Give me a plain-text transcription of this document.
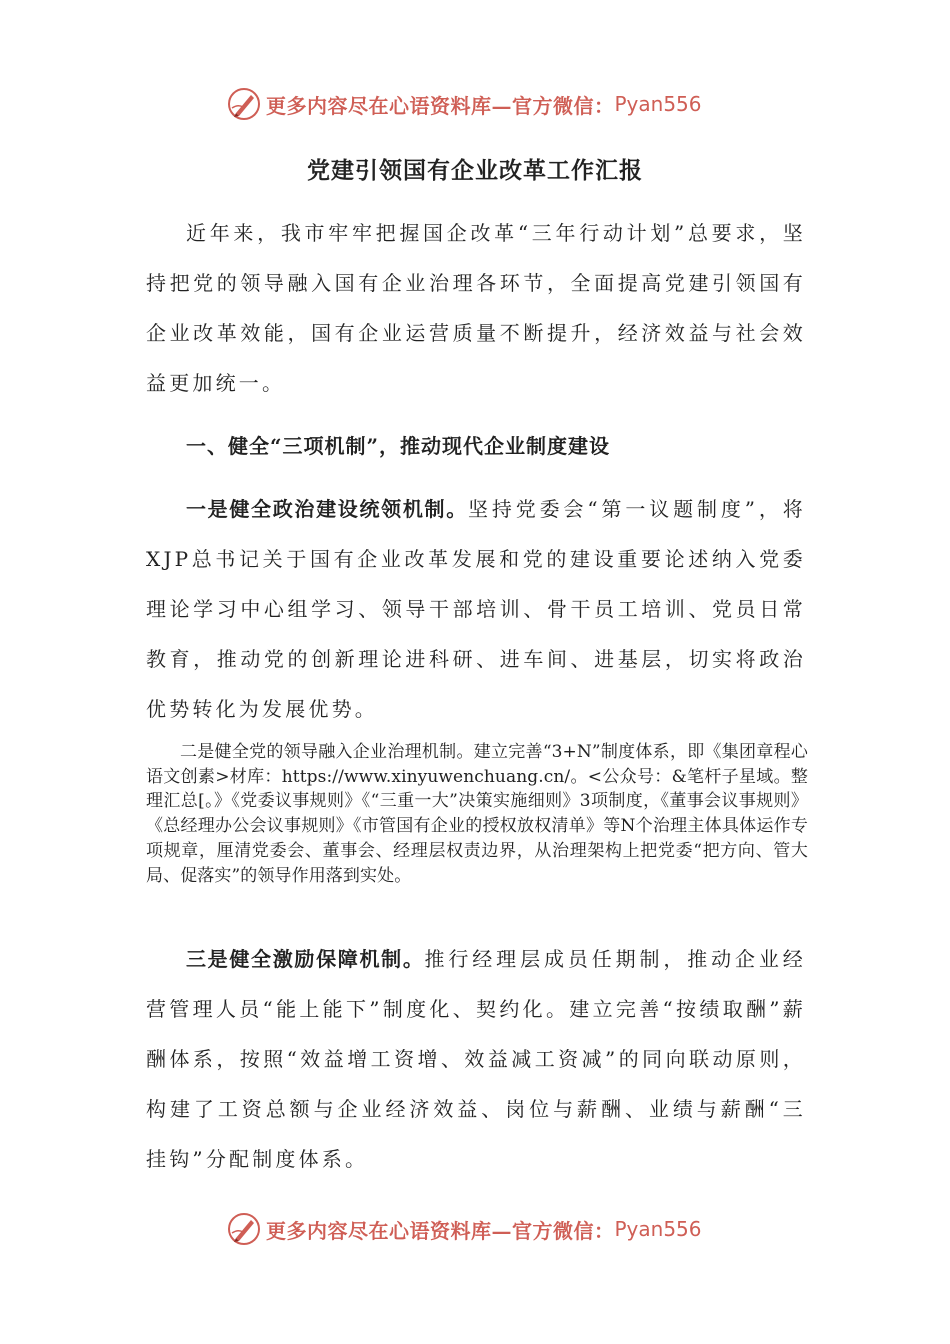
更多内容尽在心语资料库—官方微信： Pyan556
党建引领国有企业改革工作汇报

近年来，我市牢牢把握国企改革“三年行动计划”总要求，坚持把党的领导融入国有企业治理各环节，全面提高党建引领国有企业改革效能，国有企业运营质量不断提升，经济效益与社会效益更加统一。

一、健全“三项机制”，推动现代企业制度建设

一是健全政治建设统领机制。坚持党委会“第一议题制度”，将XJP总书记关于国有企业改革发展和党的建设重要论述纳入党委理论学习中心组学习、领导干部培训、骨干员工培训、党员日常教育，推动党的创新理论进科研、进车间、进基层，切实将政治优势转化为发展优势。

二是健全党的领导融入企业治理机制。建立完善“3+N”制度体系，即《集团章程心语文创素>材库：https://www.xinyuwenchuang.cn/。<公众号：&笔杆子星域。整理汇总[。》《党委议事规则》《“三重一大”决策实施细则》3项制度，《董事会议事规则》《总经理办公会议事规则》《市管国有企业的授权放权清单》等N个治理主体具体运作专项规章，厘清党委会、董事会、经理层权责边界，从治理架构上把党委“把方向、管大局、促落实”的领导作用落到实处。

三是健全激励保障机制。推行经理层成员任期制，推动企业经营管理人员“能上能下”制度化、契约化。建立完善“按绩取酬”薪酬体系，按照“效益增工资增、效益减工资减”的同向联动原则，构建了工资总额与企业经济效益、岗位与薪酬、业绩与薪酬“三挂钩”分配制度体系。

更多内容尽在心语资料库—官方微信： Pyan556
